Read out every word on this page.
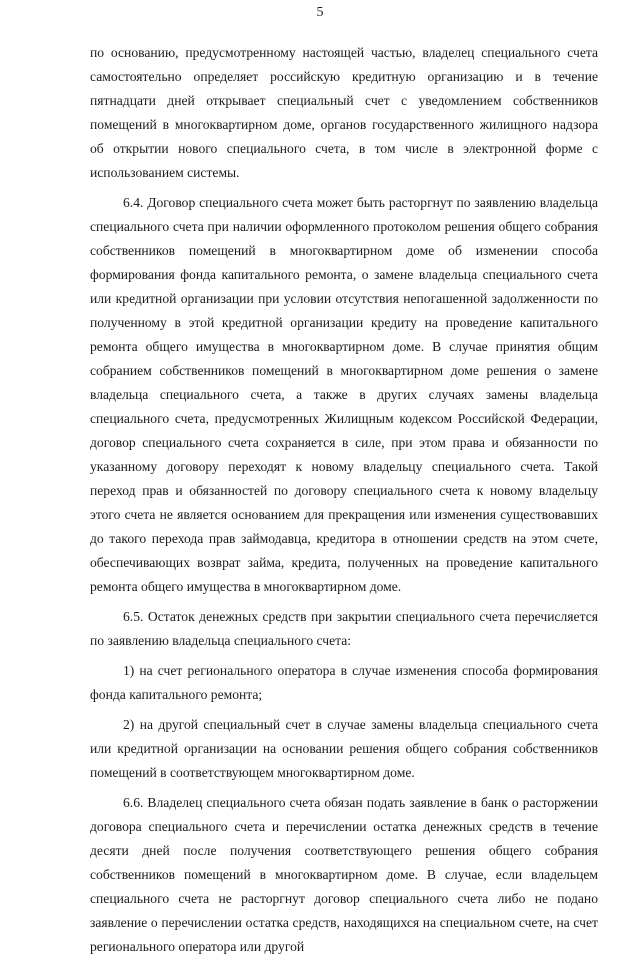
5

по основанию, предусмотренному настоящей частью, владелец специального счета самостоятельно определяет российскую кредитную организацию и в течение пятнадцати дней открывает специальный счет с уведомлением собственников помещений в многоквартирном доме, органов государственного жилищного надзора об открытии нового специального счета, в том числе в электронной форме с использованием системы.

6.4. Договор специального счета может быть расторгнут по заявлению владельца специального счета при наличии оформленного протоколом решения общего собрания собственников помещений в многоквартирном доме об изменении способа формирования фонда капитального ремонта, о замене владельца специального счета или кредитной организации при условии отсутствия непогашенной задолженности по полученному в этой кредитной организации кредиту на проведение капитального ремонта общего имущества в многоквартирном доме. В случае принятия общим собранием собственников помещений в многоквартирном доме решения о замене владельца специального счета, а также в других случаях замены владельца специального счета, предусмотренных Жилищным кодексом Российской Федерации, договор специального счета сохраняется в силе, при этом права и обязанности по указанному договору переходят к новому владельцу специального счета. Такой переход прав и обязанностей по договору специального счета к новому владельцу этого счета не является основанием для прекращения или изменения существовавших до такого перехода прав займодавца, кредитора в отношении средств на этом счете, обеспечивающих возврат займа, кредита, полученных на проведение капитального ремонта общего имущества в многоквартирном доме.

6.5. Остаток денежных средств при закрытии специального счета перечисляется по заявлению владельца специального счета:

1) на счет регионального оператора в случае изменения способа формирования фонда капитального ремонта;

2) на другой специальный счет в случае замены владельца специального счета или кредитной организации на основании решения общего собрания собственников помещений в соответствующем многоквартирном доме.

6.6. Владелец специального счета обязан подать заявление в банк о расторжении договора специального счета и перечислении остатка денежных средств в течение десяти дней после получения соответствующего решения общего собрания собственников помещений в многоквартирном доме. В случае, если владельцем специального счета не расторгнут договор специального счета либо не подано заявление о перечислении остатка средств, находящихся на специальном счете, на счет регионального оператора или другой
